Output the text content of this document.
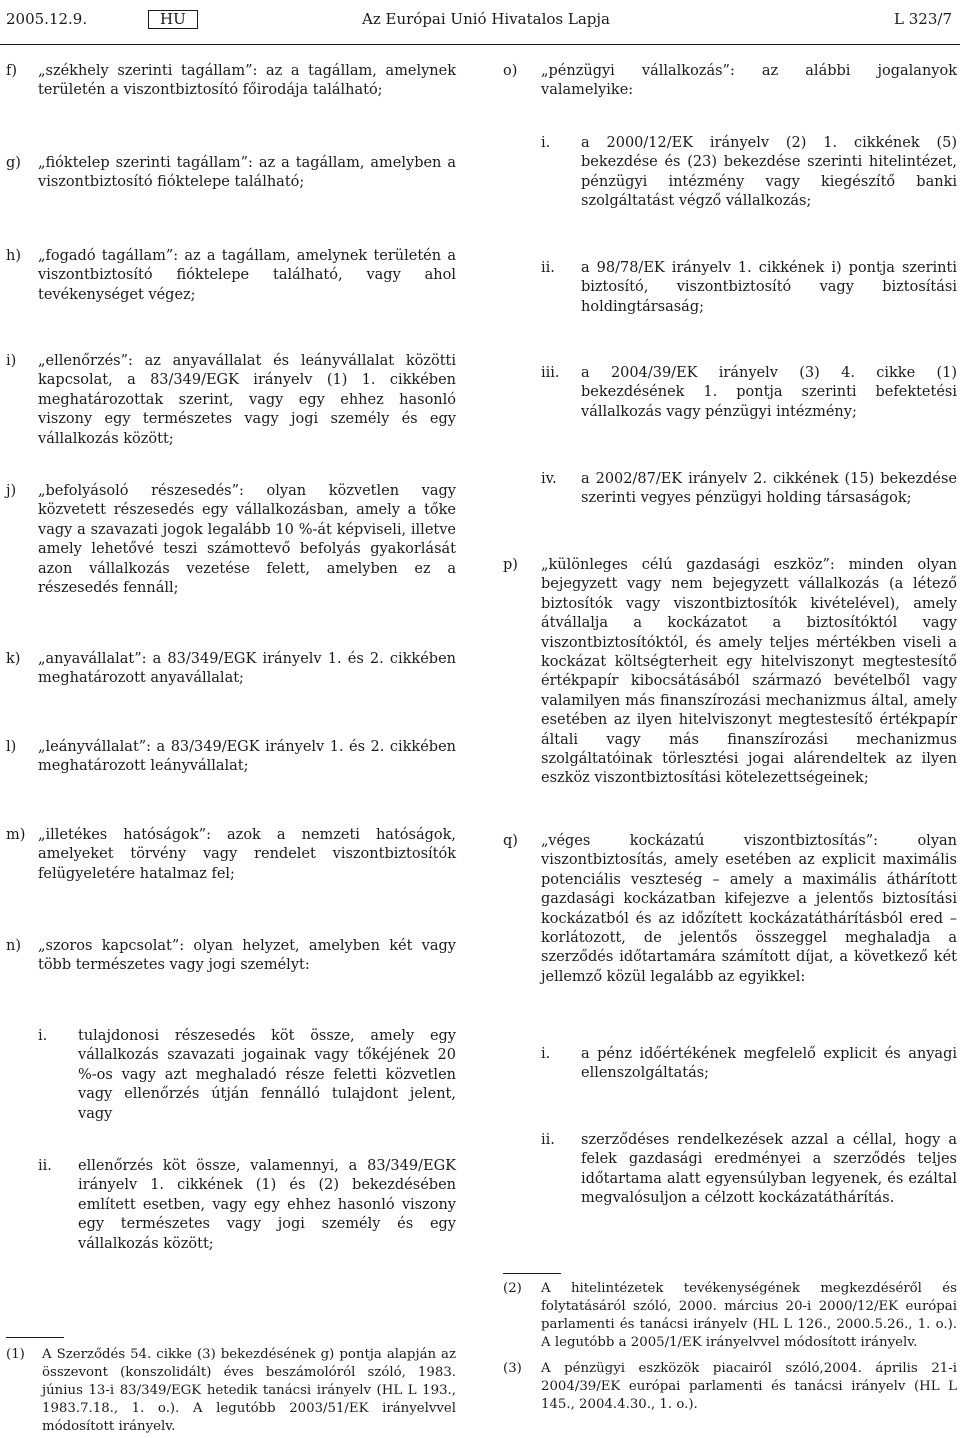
2005.12.9.	HU	Az Európai Unió Hivatalos Lapja	L 323/7
f) „székhely szerinti tagállam”: az a tagállam, amelynek területén a viszontbiztosító főirodája található;
g) „fióktelep szerinti tagállam”: az a tagállam, amelyben a viszontbiztosító fióktelepe található;
h) „fogadó tagállam”: az a tagállam, amelynek területén a viszontbiztosító fióktelepe található, vagy ahol tevékenységet végez;
i) „ellenőrzés”: az anyavállalat és leányvállalat közötti kapcsolat, a 83/349/EGK irányelv (1) 1. cikkében meghatározottak szerint, vagy egy ehhez hasonló viszony egy természetes vagy jogi személy és egy vállalkozás között;
j) „befolyásoló részesedés”: olyan közvetlen vagy közvetett részesedés egy vállalkozásban, amely a tőke vagy a szavazati jogok legalább 10 %-át képviseli, illetve amely lehetővé teszi számottevő befolyás gyakorlását azon vállalkozás vezetése felett, amelyben ez a részesedés fennáll;
k) „anyavállalat”: a 83/349/EGK irányelv 1. és 2. cikkében meghatározott anyavállalat;
l) „leányvállalat”: a 83/349/EGK irányelv 1. és 2. cikkében meghatározott leányvállalat;
m) „illetékes hatóságok”: azok a nemzeti hatóságok, amelyeket törvény vagy rendelet viszontbiztosítók felügyeletére hatalmaz fel;
n) „szoros kapcsolat”: olyan helyzet, amelyben két vagy több természetes vagy jogi személyt:
i. tulajdonosi részesedés köt össze, amely egy vállalkozás szavazati jogainak vagy tőkéjének 20 %-os vagy azt meghaladó része feletti közvetlen vagy ellenőrzés útján fennálló tulajdont jelent, vagy
ii. ellenőrzés köt össze, valamennyi, a 83/349/EGK irányelv 1. cikkének (1) és (2) bekezdésében említett esetben, vagy egy ehhez hasonló viszony egy természetes vagy jogi személy és egy vállalkozás között;
o) „pénzügyi vállalkozás”: az alábbi jogalanyok valamelyike:
i. a 2000/12/EK irányelv (2) 1. cikkének (5) bekezdése és (23) bekezdése szerinti hitelintézet, pénzügyi intézmény vagy kiegészítő banki szolgáltatást végző vállalkozás;
ii. a 98/78/EK irányelv 1. cikkének i) pontja szerinti biztosító, viszontbiztosító vagy biztosítási holdingtársaság;
iii. a 2004/39/EK irányelv (3) 4. cikke (1) bekezdésének 1. pontja szerinti befektetési vállalkozás vagy pénzügyi intézmény;
iv. a 2002/87/EK irányelv 2. cikkének (15) bekezdése szerinti vegyes pénzügyi holding társaságok;
p) „különleges célú gazdasági eszköz”: minden olyan bejegyzett vagy nem bejegyzett vállalkozás (a létező biztosítók vagy viszontbiztosítók kivételével), amely átvállalja a kockázatot a biztosítóktól vagy viszontbiztosítóktól, és amely teljes mértékben viseli a kockázat költségterheit egy hitelviszonyt megtestesítő értékpapír kibocsátásából származó bevételből vagy valamilyen más finanszírozási mechanizmus által, amely esetében az ilyen hitelviszonyt megtestesítő értékpapír általi vagy más finanszírozási mechanizmus szolgáltatóinak törlesztési jogai alárendeltek az ilyen eszköz viszontbiztosítási kötelezettségeinek;
q) „véges kockázatú viszontbiztosítás”: olyan viszontbiztosítás, amely esetében az explicit maximális potenciális veszteség – amely a maximális áthárított gazdasági kockázatban kifejezve a jelentős biztosítási kockázatból és az időzített kockázatáthárításból ered – korlátozott, de jelentős összeggel meghaladja a szerződés időtartamára számított díjat, a következő két jellemző közül legalább az egyikkel:
i. a pénz időértékének megfelelő explicit és anyagi ellenszolgáltatás;
ii. szerződéses rendelkezések azzal a céllal, hogy a felek gazdasági eredményei a szerződés teljes időtartama alatt egyensúlyban legyenek, és ezáltal megvalósuljon a célzott kockázatáthárítás.
(1) A Szerződés 54. cikke (3) bekezdésének g) pontja alapján az összevont (konszolidált) éves beszámolóról szóló, 1983. június 13-i 83/349/EGK hetedik tanácsi irányelv (HL L 193., 1983.7.18., 1. o.). A legutóbb 2003/51/EK irányelvvel módosított irányelv.
(2) A hitelintézetek tevékenységének megkezdéséről és folytatásáról szóló, 2000. március 20-i 2000/12/EK európai parlamenti és tanácsi irányelv (HL L 126., 2000.5.26., 1. o.). A legutóbb a 2005/1/EK irányelvvel módosított irányelv.
(3) A pénzügyi eszközök piacairól szóló,2004. április 21-i 2004/39/EK európai parlamenti és tanácsi irányelv (HL L 145., 2004.4.30., 1. o.).
